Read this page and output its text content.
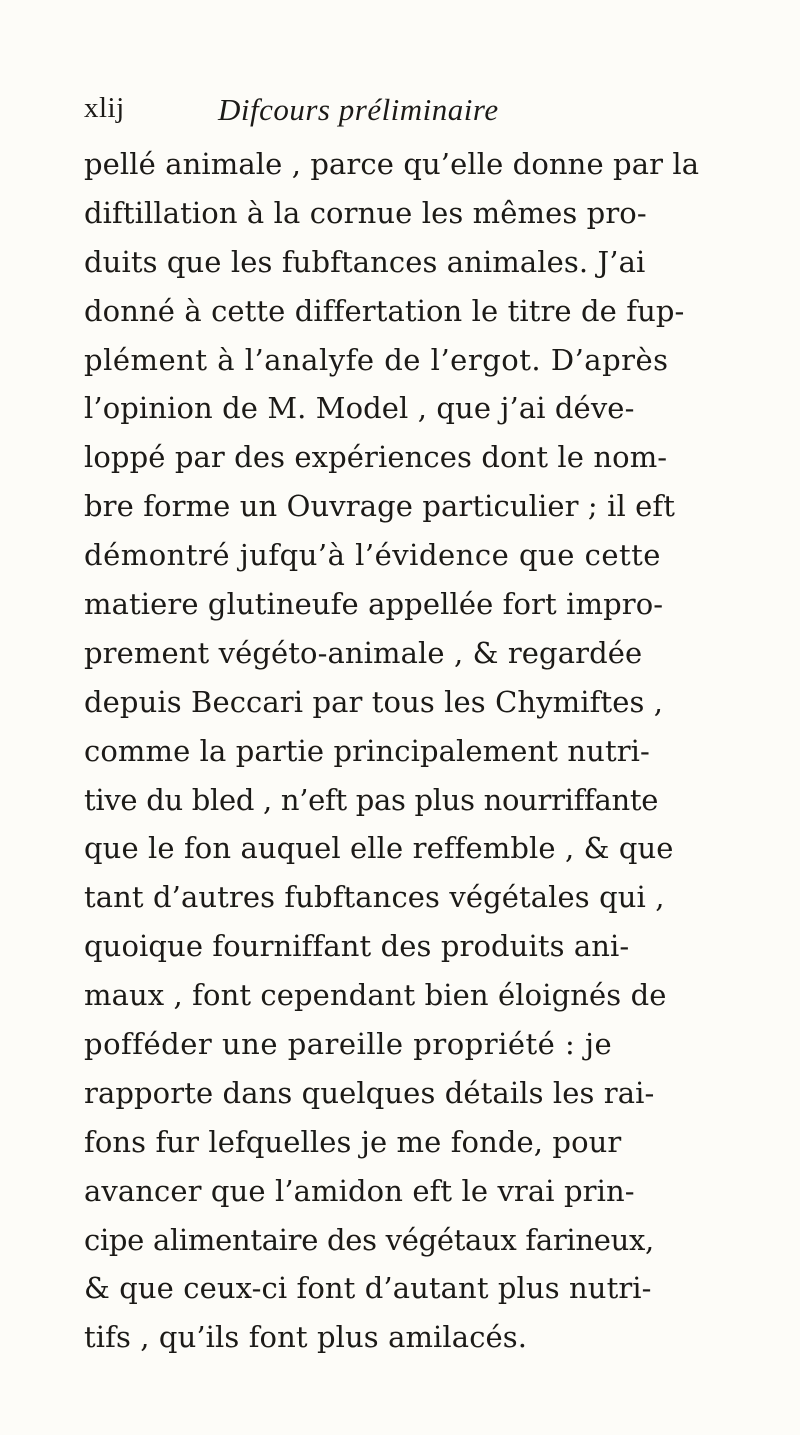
xlij	Difcours préliminaire
pellé animale , parce qu’elle donne par la
diftillation à la cornue les mêmes pro-
duits que les fubftances animales. J’ai
donné à cette differtation le titre de fup-
plément à l’analyfe de l’ergot. D’après
l’opinion de M. Model , que j’ai déve-
loppé par des expériences dont le nom-
bre forme un Ouvrage particulier ; il eft
démontré jufqu’à l’évidence que cette
matiere glutineufe appellée fort impro-
prement végéto-animale , & regardée
depuis Beccari par tous les Chymiftes ,
comme la partie principalement nutri-
tive du bled , n’eft pas plus nourriffante
que le fon auquel elle reffemble , & que
tant d’autres fubftances végétales qui ,
quoique fourniffant des produits ani-
maux , font cependant bien éloignés de
pofféder une pareille propriété : je
rapporte dans quelques détails les rai-
fons fur lefquelles je me fonde, pour
avancer que l’amidon eft le vrai prin-
cipe alimentaire des végétaux farineux,
& que ceux-ci font d’autant plus nutri-
tifs , qu’ils font plus amilacés.
